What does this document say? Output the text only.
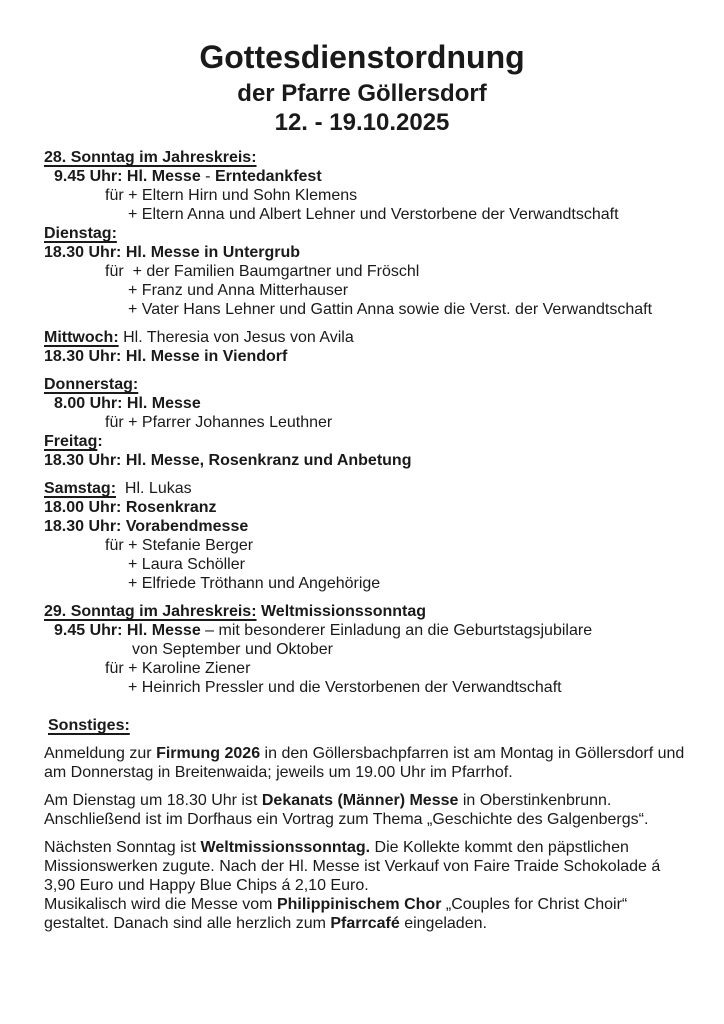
Gottesdienstordnung
der Pfarre Göllersdorf
12. - 19.10.2025
28. Sonntag im Jahreskreis:
9.45 Uhr: Hl. Messe - Erntedankfest
für + Eltern Hirn und Sohn Klemens
+ Eltern Anna und Albert Lehner und Verstorbene der Verwandtschaft
Dienstag:
18.30 Uhr: Hl. Messe in Untergrub
für  + der Familien Baumgartner und Fröschl
+ Franz und Anna Mitterhauser
+ Vater Hans Lehner und Gattin Anna sowie die Verst. der Verwandtschaft
Mittwoch: Hl. Theresia von Jesus von Avila
18.30 Uhr: Hl. Messe in Viendorf
Donnerstag:
8.00 Uhr: Hl. Messe
für + Pfarrer Johannes Leuthner
Freitag:
18.30 Uhr: Hl. Messe, Rosenkranz und Anbetung
Samstag:  Hl. Lukas
18.00 Uhr: Rosenkranz
18.30 Uhr: Vorabendmesse
für + Stefanie Berger
+ Laura Schöller
+ Elfriede Tröthann und Angehörige
29. Sonntag im Jahreskreis: Weltmissionssonntag
9.45 Uhr: Hl. Messe – mit besonderer Einladung an die Geburtstagsjubilare
von September und Oktober
für + Karoline Ziener
+ Heinrich Pressler und die Verstorbenen der Verwandtschaft
Sonstiges:
Anmeldung zur Firmung 2026 in den Göllersbachpfarren ist am Montag in Göllersdorf und
am Donnerstag in Breitenwaida; jeweils um 19.00 Uhr im Pfarrhof.
Am Dienstag um 18.30 Uhr ist Dekanats (Männer) Messe in Oberstinkenbrunn.
Anschließend ist im Dorfhaus ein Vortrag zum Thema „Geschichte des Galgenbergs“.
Nächsten Sonntag ist Weltmissionssonntag. Die Kollekte kommt den päpstlichen
Missionswerken zugute. Nach der Hl. Messe ist Verkauf von Faire Traide Schokolade á
3,90 Euro und Happy Blue Chips á 2,10 Euro.
Musikalisch wird die Messe vom Philippinischem Chor „Couples for Christ Choir“
gestaltet. Danach sind alle herzlich zum Pfarrcafé eingeladen.
